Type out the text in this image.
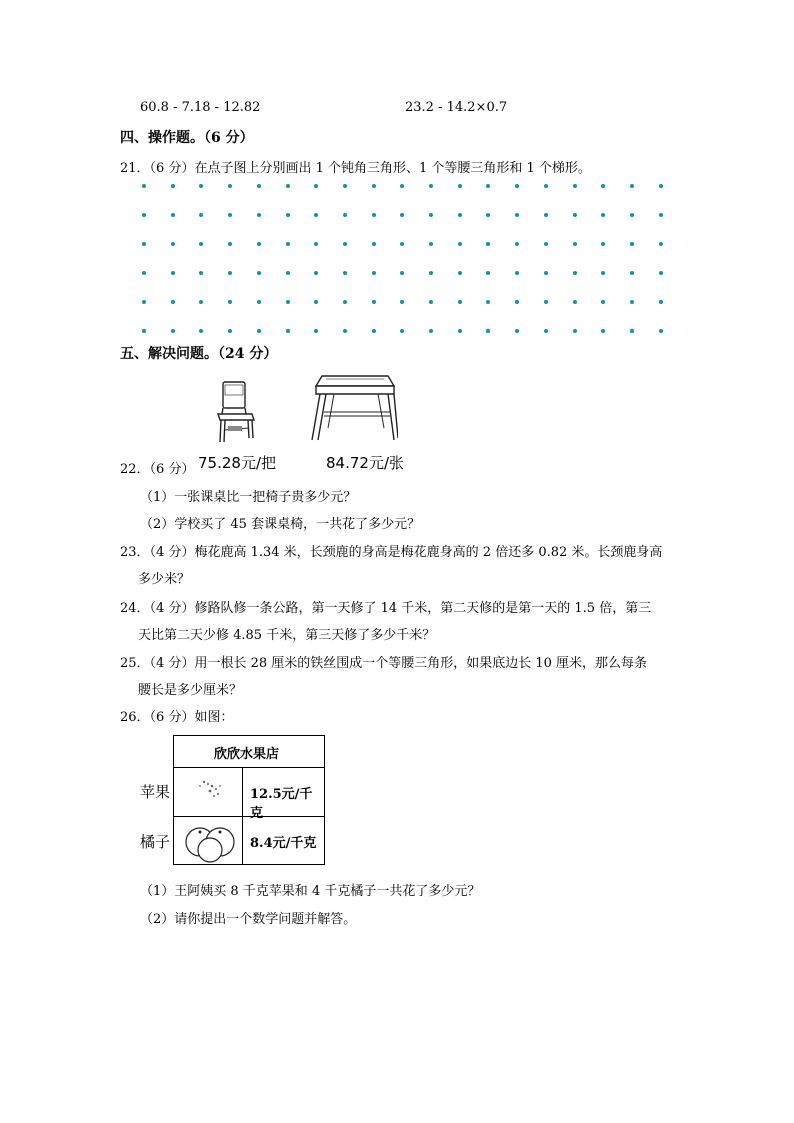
60.8 - 7.18 - 12.82	23.2 - 14.2×0.7
四、操作题。（6 分）
21．（6 分）在点子图上分别画出 1 个钝角三角形、1 个等腰三角形和 1 个梯形。
五、解决问题。（24 分）
22．（6 分） 75.28元/把	84.72元/张
（1）一张课桌比一把椅子贵多少元？
（2）学校买了 45 套课桌椅，一共花了多少元？
23．（4 分）梅花鹿高 1.34 米，长颈鹿的身高是梅花鹿身高的 2 倍还多 0.82 米。长颈鹿身高
多少米？
24．（4 分）修路队修一条公路，第一天修了 14 千米，第二天修的是第一天的 1.5 倍，第三
天比第二天少修 4.85 千米，第三天修了多少千米？
25．（4 分）用一根长 28 厘米的铁丝围成一个等腰三角形，如果底边长 10 厘米，那么每条
腰长是多少厘米？
26．（6 分）如图：
欣欣水果店
12.5元/千克
8.4元/千克
苹果
橘子
（1）王阿姨买 8 千克苹果和 4 千克橘子一共花了多少元？
（2）请你提出一个数学问题并解答。
